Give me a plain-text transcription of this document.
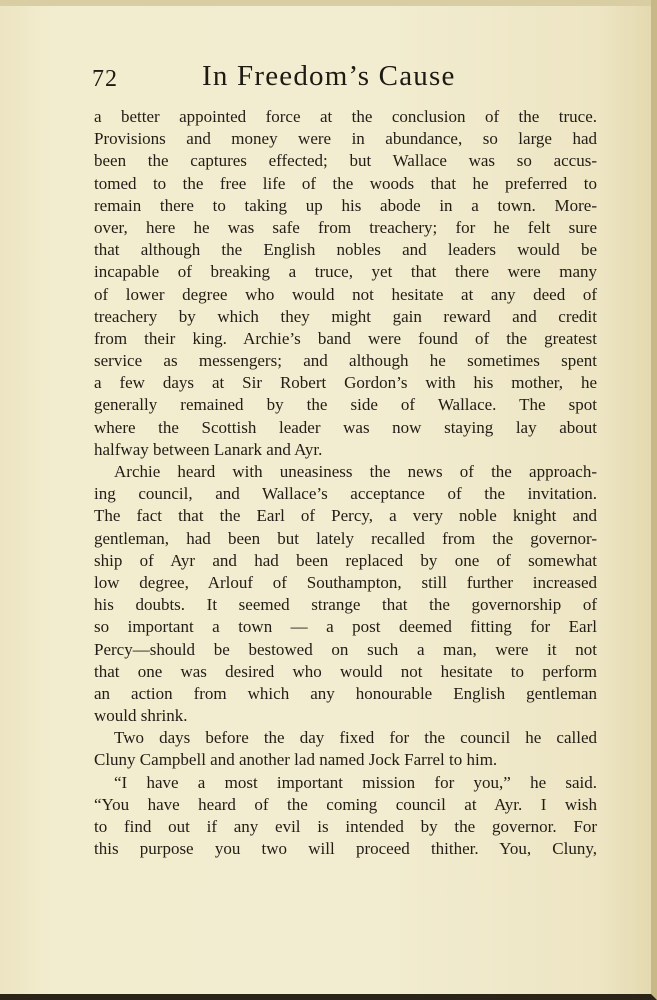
72	In Freedom’s Cause
a better appointed force at the conclusion of the truce.
Provisions and money were in abundance, so large had
been the captures effected; but Wallace was so accus-
tomed to the free life of the woods that he preferred to
remain there to taking up his abode in a town. More-
over, here he was safe from treachery; for he felt sure
that although the English nobles and leaders would be
incapable of breaking a truce, yet that there were many
of lower degree who would not hesitate at any deed of
treachery by which they might gain reward and credit
from their king. Archie’s band were found of the greatest
service as messengers; and although he sometimes spent
a few days at Sir Robert Gordon’s with his mother, he
generally remained by the side of Wallace. The spot
where the Scottish leader was now staying lay about
halfway between Lanark and Ayr.
Archie heard with uneasiness the news of the approach-
ing council, and Wallace’s acceptance of the invitation.
The fact that the Earl of Percy, a very noble knight and
gentleman, had been but lately recalled from the governor-
ship of Ayr and had been replaced by one of somewhat
low degree, Arlouf of Southampton, still further increased
his doubts. It seemed strange that the governorship of
so important a town — a post deemed fitting for Earl
Percy—should be bestowed on such a man, were it not
that one was desired who would not hesitate to perform
an action from which any honourable English gentleman
would shrink.
Two days before the day fixed for the council he called
Cluny Campbell and another lad named Jock Farrel to him.
“I have a most important mission for you,” he said.
“You have heard of the coming council at Ayr. I wish
to find out if any evil is intended by the governor. For
this purpose you two will proceed thither. You, Cluny,
